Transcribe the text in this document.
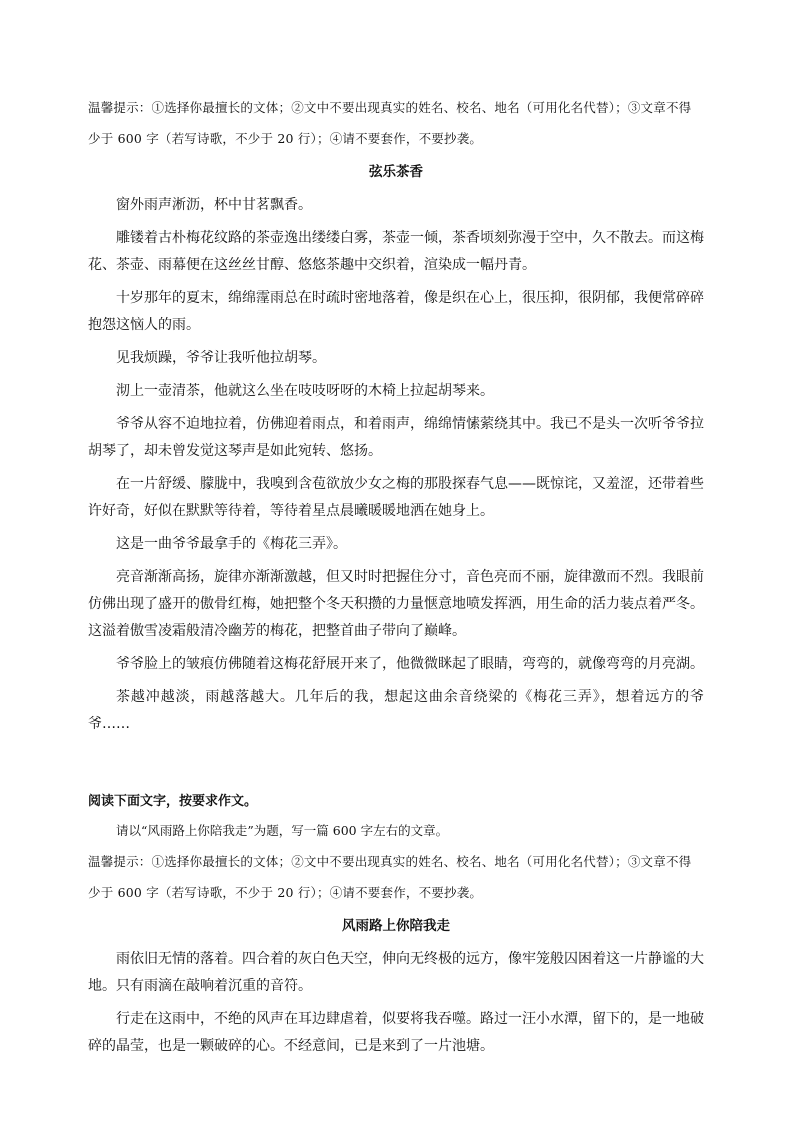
温馨提示：①选择你最擅长的文体；②文中不要出现真实的姓名、校名、地名（可用化名代替）；③文章不得少于 600 字（若写诗歌，不少于 20 行）；④请不要套作，不要抄袭。

弦乐茶香

窗外雨声淅沥，杯中甘茗飘香。

雕镂着古朴梅花纹路的茶壶逸出缕缕白雾，茶壶一倾，茶香顷刻弥漫于空中，久不散去。而这梅花、茶壶、雨幕便在这丝丝甘醇、悠悠茶趣中交织着，渲染成一幅丹青。

十岁那年的夏末，绵绵霪雨总在时疏时密地落着，像是织在心上，很压抑，很阴郁，我便常碎碎抱怨这恼人的雨。

见我烦躁，爷爷让我听他拉胡琴。

沏上一壶清茶，他就这么坐在吱吱呀呀的木椅上拉起胡琴来。

爷爷从容不迫地拉着，仿佛迎着雨点，和着雨声，绵绵情愫萦绕其中。我已不是头一次听爷爷拉胡琴了，却未曾发觉这琴声是如此宛转、悠扬。

在一片舒缓、朦胧中，我嗅到含苞欲放少女之梅的那股探春气息——既惊诧，又羞涩，还带着些许好奇，好似在默默等待着，等待着星点晨曦暖暖地洒在她身上。

这是一曲爷爷最拿手的《梅花三弄》。

亮音渐渐高扬，旋律亦渐渐激越，但又时时把握住分寸，音色亮而不丽，旋律激而不烈。我眼前仿佛出现了盛开的傲骨红梅，她把整个冬天积攒的力量惬意地喷发挥洒，用生命的活力装点着严冬。这溢着傲雪凌霜般清冷幽芳的梅花，把整首曲子带向了巅峰。

爷爷脸上的皱痕仿佛随着这梅花舒展开来了，他微微眯起了眼睛，弯弯的，就像弯弯的月亮湖。

茶越冲越淡，雨越落越大。几年后的我，想起这曲余音绕梁的《梅花三弄》，想着远方的爷爷……

阅读下面文字，按要求作文。

请以“风雨路上你陪我走”为题，写一篇 600 字左右的文章。

温馨提示：①选择你最擅长的文体；②文中不要出现真实的姓名、校名、地名（可用化名代替）；③文章不得少于 600 字（若写诗歌，不少于 20 行）；④请不要套作，不要抄袭。

风雨路上你陪我走

雨依旧无情的落着。四合着的灰白色天空，伸向无终极的远方，像牢笼般囚困着这一片静谧的大地。只有雨滴在敲响着沉重的音符。

行走在这雨中，不绝的风声在耳边肆虐着，似要将我吞噬。路过一汪小水潭，留下的，是一地破碎的晶莹，也是一颗破碎的心。不经意间，已是来到了一片池塘。
